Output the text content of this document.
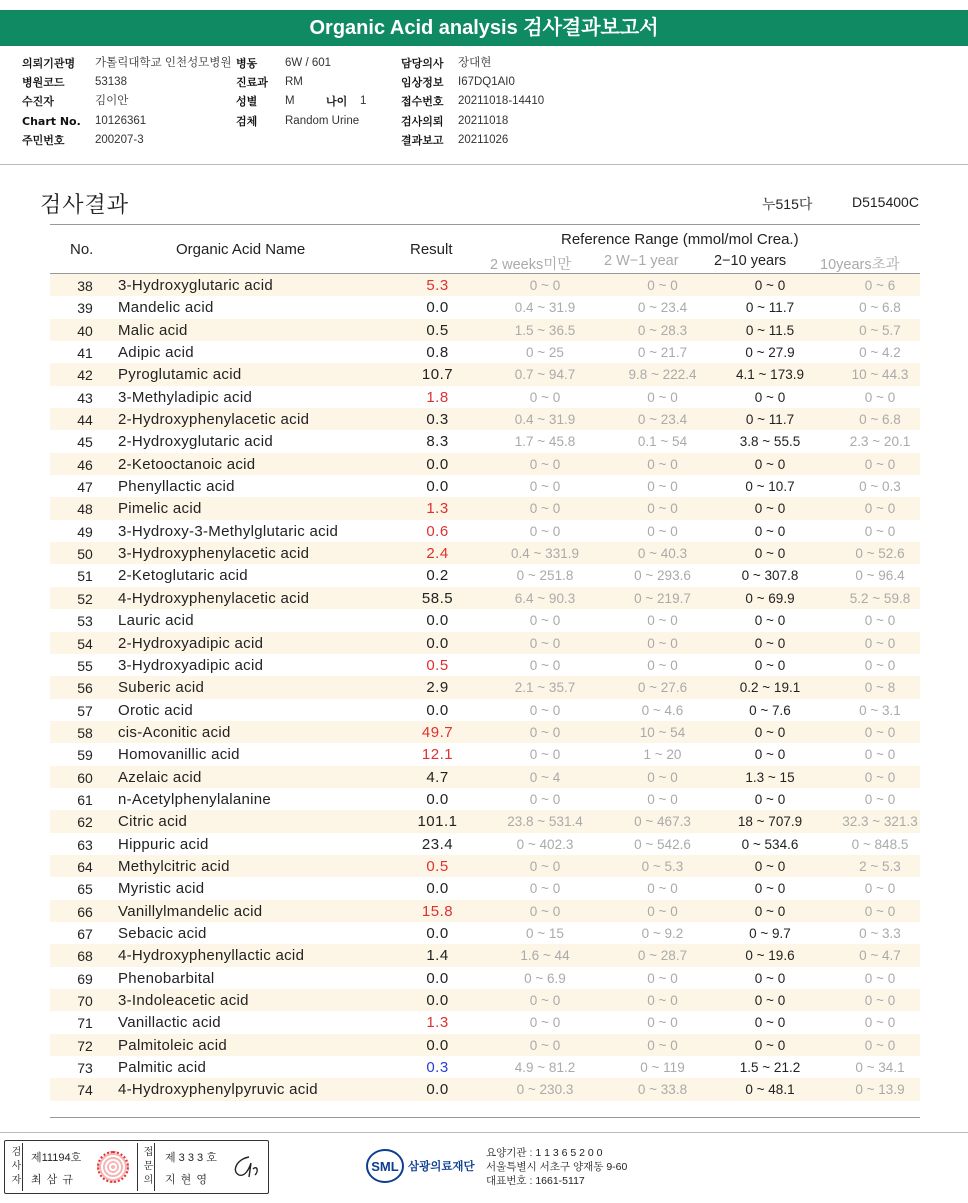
Organic Acid analysis 검사결과보고서
의뢰기관명 가톨릭대학교 인천성모병원
병원코드	53138
수진자	김이안
Chart No. 10126361
주민번호	200207-3
병동 6W / 601
진료과 RM
성별 M	나이 1
검체 Random Urine
담당의사 장대현
임상정보 I67DQ1AI0
접수번호 20211018-14410
검사의뢰 20211018
결과보고 20211026
검사결과	누515다	D515400C
No.	Organic Acid Name	Result
Reference Range (mmol/mol Crea.)
2 weeks미만 2 W−1 year 2−10 years 10years초과
38	3-Hydroxyglutaric acid	5.3	0 ~ 0	0 ~ 0	0 ~ 0	0 ~ 6
39	Mandelic acid	0.0	0.4 ~ 31.9	0 ~ 23.4	0 ~ 11.7	0 ~ 6.8
40	Malic acid	0.5	1.5 ~ 36.5	0 ~ 28.3	0 ~ 11.5	0 ~ 5.7
41	Adipic acid	0.8	0 ~ 25	0 ~ 21.7	0 ~ 27.9	0 ~ 4.2
42	Pyroglutamic acid	10.7	0.7 ~ 94.7	9.8 ~ 222.4	4.1 ~ 173.9	10 ~ 44.3
43	3-Methyladipic acid	1.8	0 ~ 0	0 ~ 0	0 ~ 0	0 ~ 0
44	2-Hydroxyphenylacetic acid	0.3	0.4 ~ 31.9	0 ~ 23.4	0 ~ 11.7	0 ~ 6.8
45	2-Hydroxyglutaric acid	8.3	1.7 ~ 45.8	0.1 ~ 54	3.8 ~ 55.5	2.3 ~ 20.1
46	2-Ketooctanoic acid	0.0	0 ~ 0	0 ~ 0	0 ~ 0	0 ~ 0
47	Phenyllactic acid	0.0	0 ~ 0	0 ~ 0	0 ~ 10.7	0 ~ 0.3
48	Pimelic acid	1.3	0 ~ 0	0 ~ 0	0 ~ 0	0 ~ 0
49	3-Hydroxy-3-Methylglutaric acid	0.6	0 ~ 0	0 ~ 0	0 ~ 0	0 ~ 0
50	3-Hydroxyphenylacetic acid	2.4	0.4 ~ 331.9	0 ~ 40.3	0 ~ 0	0 ~ 52.6
51	2-Ketoglutaric acid	0.2	0 ~ 251.8	0 ~ 293.6	0 ~ 307.8	0 ~ 96.4
52	4-Hydroxyphenylacetic acid	58.5	6.4 ~ 90.3	0 ~ 219.7	0 ~ 69.9	5.2 ~ 59.8
53	Lauric acid	0.0	0 ~ 0	0 ~ 0	0 ~ 0	0 ~ 0
54	2-Hydroxyadipic acid	0.0	0 ~ 0	0 ~ 0	0 ~ 0	0 ~ 0
55	3-Hydroxyadipic acid	0.5	0 ~ 0	0 ~ 0	0 ~ 0	0 ~ 0
56	Suberic acid	2.9	2.1 ~ 35.7	0 ~ 27.6	0.2 ~ 19.1	0 ~ 8
57	Orotic acid	0.0	0 ~ 0	0 ~ 4.6	0 ~ 7.6	0 ~ 3.1
58	cis-Aconitic acid	49.7	0 ~ 0	10 ~ 54	0 ~ 0	0 ~ 0
59	Homovanillic acid	12.1	0 ~ 0	1 ~ 20	0 ~ 0	0 ~ 0
60	Azelaic acid	4.7	0 ~ 4	0 ~ 0	1.3 ~ 15	0 ~ 0
61	n-Acetylphenylalanine	0.0	0 ~ 0	0 ~ 0	0 ~ 0	0 ~ 0
62	Citric acid	101.1	23.8 ~ 531.4	0 ~ 467.3	18 ~ 707.9	32.3 ~ 321.3
63	Hippuric acid	23.4	0 ~ 402.3	0 ~ 542.6	0 ~ 534.6	0 ~ 848.5
64	Methylcitric acid	0.5	0 ~ 0	0 ~ 5.3	0 ~ 0	2 ~ 5.3
65	Myristic acid	0.0	0 ~ 0	0 ~ 0	0 ~ 0	0 ~ 0
66	Vanillylmandelic acid	15.8	0 ~ 0	0 ~ 0	0 ~ 0	0 ~ 0
67	Sebacic acid	0.0	0 ~ 15	0 ~ 9.2	0 ~ 9.7	0 ~ 3.3
68	4-Hydroxyphenyllactic acid	1.4	1.6 ~ 44	0 ~ 28.7	0 ~ 19.6	0 ~ 4.7
69	Phenobarbital	0.0	0 ~ 6.9	0 ~ 0	0 ~ 0	0 ~ 0
70	3-Indoleacetic acid	0.0	0 ~ 0	0 ~ 0	0 ~ 0	0 ~ 0
71	Vanillactic acid	1.3	0 ~ 0	0 ~ 0	0 ~ 0	0 ~ 0
72	Palmitoleic acid	0.0	0 ~ 0	0 ~ 0	0 ~ 0	0 ~ 0
73	Palmitic acid	0.3	4.9 ~ 81.2	0 ~ 119	1.5 ~ 21.2	0 ~ 34.1
74	4-Hydroxyphenylpyruvic acid	0.0	0 ~ 230.3	0 ~ 33.8	0 ~ 48.1	0 ~ 13.9
검사자 제11194호
최 삼 규	접문의 제 3 3 3 호
지 현 영
SML 삼광의료재단
요양기관 : 1 1 3 6 5 2 0 0
서울특별시 서초구 양재동 9-60
대표번호 : 1661-5117
